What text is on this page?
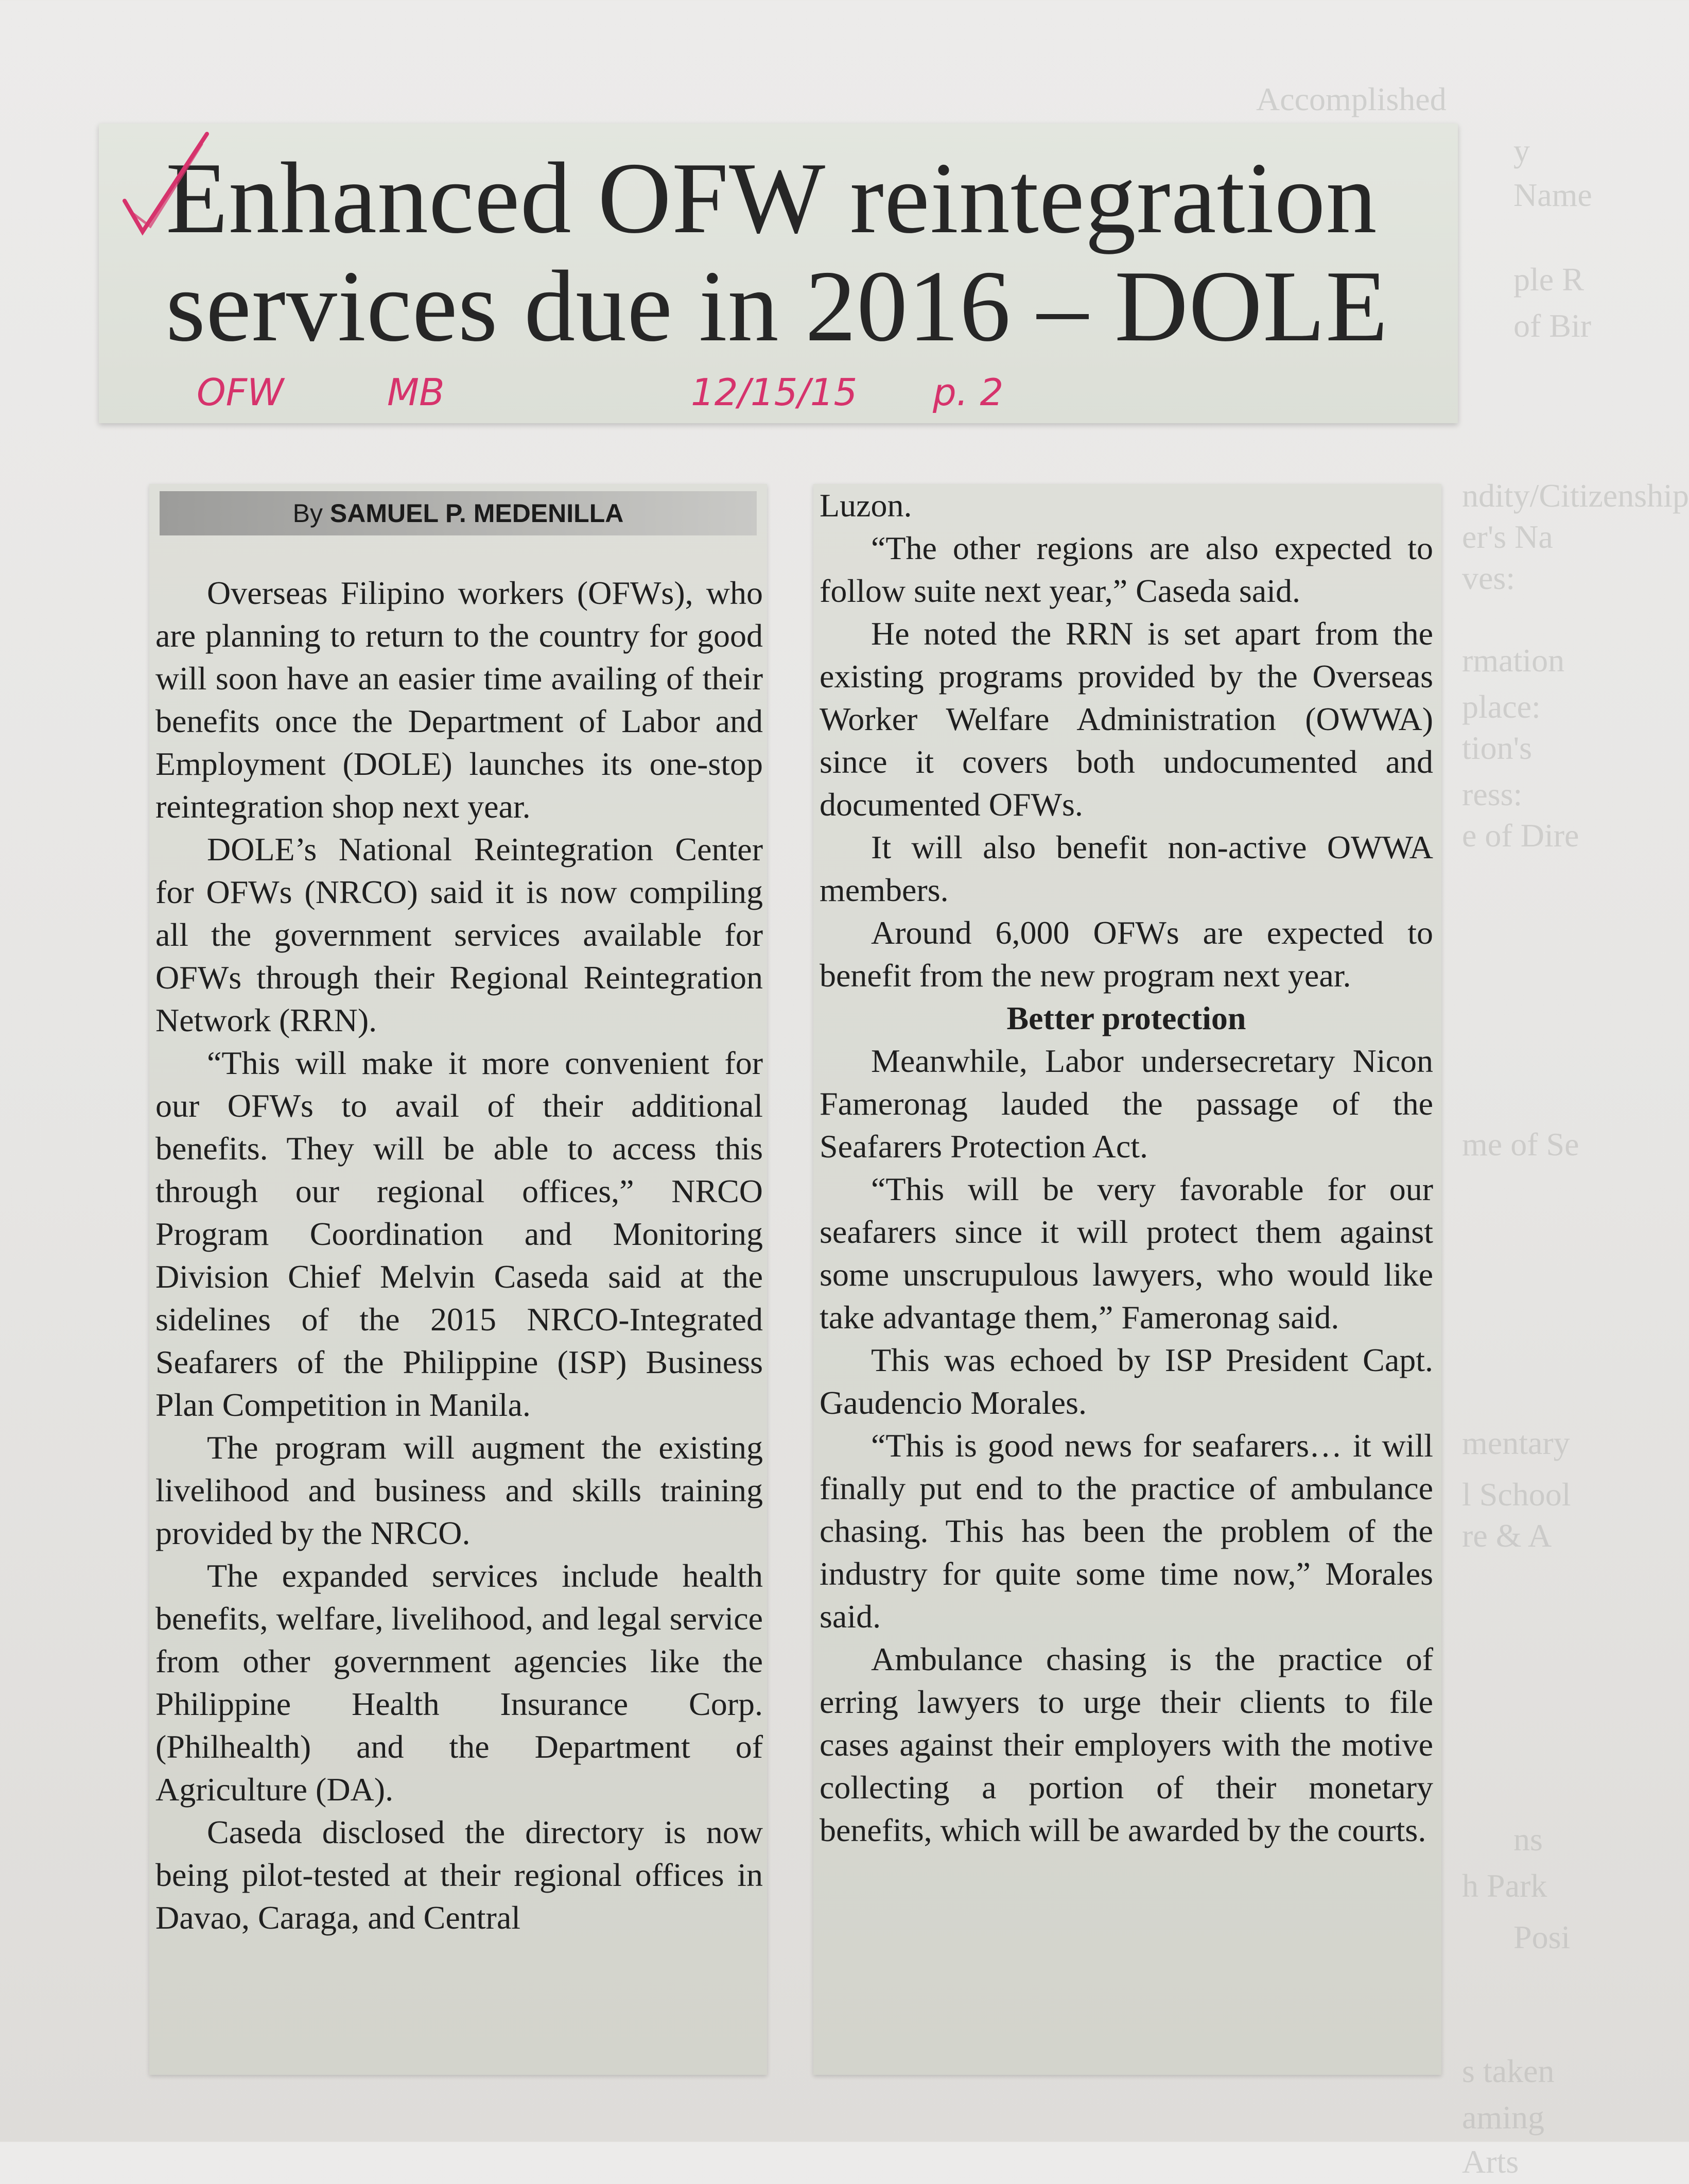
Accomplished
y Name
ple R
of Bir
ndity/Citizenship
er's Na
ves:
rmation
place:
tion's
ress:
e of Dire
me of Se
mentary
l School
re & A
ns
h Park
Posi
s taken
aming Arts
Enhanced OFW reintegration
services due in 2016 – DOLE
OFW	MB	12/15/15 p. 2
By SAMUEL P. MEDENILLA

Overseas Filipino workers (OFWs), who are planning to return to the country for good will soon have an easier time availing of their benefits once the Department of Labor and Employment (DOLE) launches its one-stop reintegration shop next year.

DOLE’s National Reintegration Center for OFWs (NRCO) said it is now compiling all the government services available for OFWs through their Regional Reintegration Network (RRN).

“This will make it more convenient for our OFWs to avail of their additional benefits. They will be able to access this through our regional offices,” NRCO Program Coordination and Monitoring Division Chief Melvin Caseda said at the sidelines of the 2015 NRCO-Integrated Seafarers of the Philippine (ISP) Business Plan Competition in Manila.

The program will augment the existing livelihood and business and skills training provided by the NRCO.

The expanded services include health benefits, welfare, livelihood, and legal service from other government agencies like the Philippine Health Insurance Corp. (Philhealth) and the Department of Agriculture (DA).

Caseda disclosed the directory is now being pilot-tested at their regional offices in Davao, Caraga, and Central

Luzon.

“The other regions are also expected to follow suite next year,” Caseda said.

He noted the RRN is set apart from the existing programs provided by the Overseas Worker Welfare Administration (OWWA) since it covers both undocumented and documented OFWs.

It will also benefit non-active OWWA members.

Around 6,000 OFWs are expected to benefit from the new program next year.

Better protection

Meanwhile, Labor undersecretary Nicon Fameronag lauded the passage of the Seafarers Protection Act.

“This will be very favorable for our seafarers since it will protect them against some unscrupulous lawyers, who would like take advantage them,” Fameronag said.

This was echoed by ISP President Capt. Gaudencio Morales.

“This is good news for seafarers… it will finally put end to the practice of ambulance chasing. This has been the problem of the industry for quite some time now,” Morales said.

Ambulance chasing is the practice of erring lawyers to urge their clients to file cases against their employers with the motive collecting a portion of their monetary benefits, which will be awarded by the courts.
